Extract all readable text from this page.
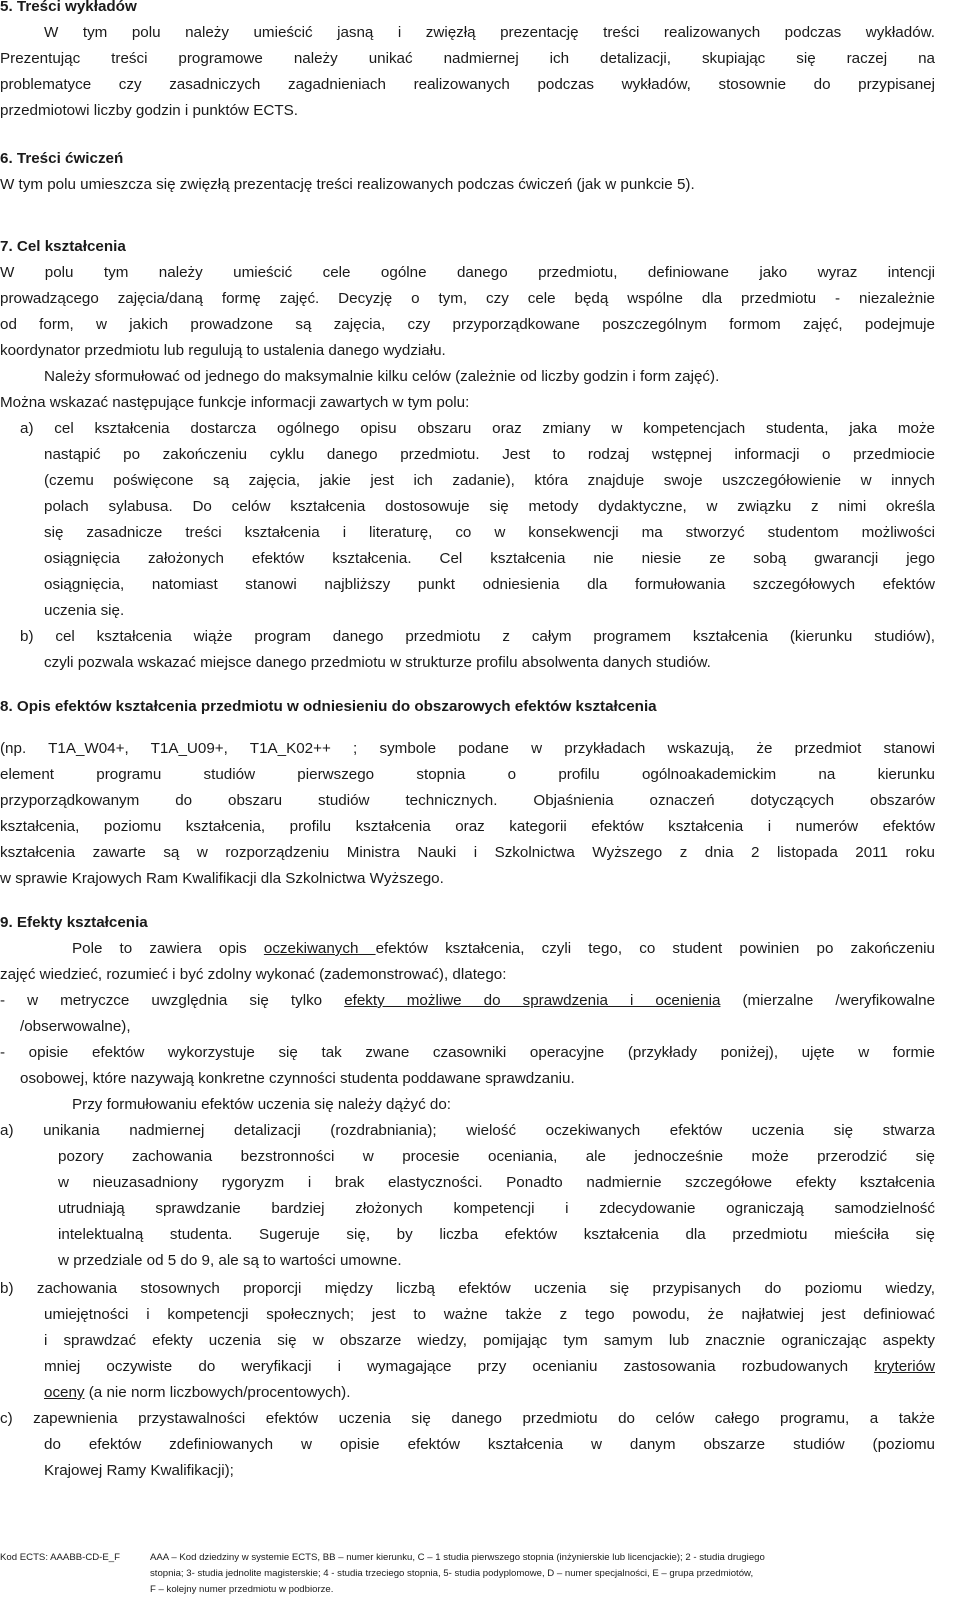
5. Treści wykładów
W tym polu należy umieścić jasną i zwięzłą prezentację treści realizowanych podczas wykładów.
Prezentując treści programowe należy unikać nadmiernej ich detalizacji, skupiając się raczej na
problematyce czy zasadniczych zagadnieniach realizowanych podczas wykładów, stosownie do przypisanej
przedmiotowi liczby godzin i punktów ECTS.
6. Treści ćwiczeń
W tym polu umieszcza się zwięzłą prezentację treści realizowanych podczas ćwiczeń (jak w punkcie 5).
7. Cel kształcenia
W polu tym należy umieścić cele ogólne danego przedmiotu, definiowane jako wyraz intencji
prowadzącego zajęcia/daną formę zajęć. Decyzję o tym, czy cele będą wspólne dla przedmiotu - niezależnie
od form, w jakich prowadzone są zajęcia, czy przyporządkowane poszczególnym formom zajęć, podejmuje
koordynator przedmiotu lub regulują to ustalenia danego wydziału.
Należy sformułować od jednego do maksymalnie kilku celów (zależnie od liczby godzin i form zajęć).
Można wskazać następujące funkcje informacji zawartych w tym polu:
a) cel kształcenia dostarcza ogólnego opisu obszaru oraz zmiany w kompetencjach studenta, jaka może
nastąpić po zakończeniu cyklu danego przedmiotu. Jest to rodzaj wstępnej informacji o przedmiocie
(czemu poświęcone są zajęcia, jakie jest ich zadanie), która znajduje swoje uszczegółowienie w innych
polach sylabusa. Do celów kształcenia dostosowuje się metody dydaktyczne, w związku z nimi określa
się zasadnicze treści kształcenia i literaturę, co w konsekwencji ma stworzyć studentom możliwości
osiągnięcia założonych efektów kształcenia. Cel kształcenia nie niesie ze sobą gwarancji jego
osiągnięcia, natomiast stanowi najbliższy punkt odniesienia dla formułowania szczegółowych efektów
uczenia się.
b) cel kształcenia wiąże program danego przedmiotu z całym programem kształcenia (kierunku studiów),
czyli pozwala wskazać miejsce danego przedmiotu w strukturze profilu absolwenta danych studiów.
8. Opis efektów kształcenia przedmiotu w odniesieniu do obszarowych efektów kształcenia
(np. T1A_W04+, T1A_U09+, T1A_K02++ ; symbole podane w przykładach wskazują, że przedmiot stanowi
element programu studiów pierwszego stopnia o profilu ogólnoakademickim na kierunku
przyporządkowanym do obszaru studiów technicznych. Objaśnienia oznaczeń dotyczących obszarów
kształcenia, poziomu kształcenia, profilu kształcenia oraz kategorii efektów kształcenia i numerów efektów
kształcenia zawarte są w rozporządzeniu Ministra Nauki i Szkolnictwa Wyższego z dnia 2 listopada 2011 roku
w sprawie Krajowych Ram Kwalifikacji dla Szkolnictwa Wyższego.
9. Efekty kształcenia
Pole to zawiera opis oczekiwanych efektów kształcenia, czyli tego, co student powinien po zakończeniu
zajęć wiedzieć, rozumieć i być zdolny wykonać (zademonstrować), dlatego:
- w metryczce uwzględnia się tylko efekty możliwe do sprawdzenia i ocenienia (mierzalne /weryfikowalne
/obserwowalne),
- opisie efektów wykorzystuje się tak zwane czasowniki operacyjne (przykłady poniżej), ujęte w formie
osobowej, które nazywają konkretne czynności studenta poddawane sprawdzaniu.
Przy formułowaniu efektów uczenia się należy dążyć do:
a) unikania nadmiernej detalizacji (rozdrabniania); wielość oczekiwanych efektów uczenia się stwarza
pozory zachowania bezstronności w procesie oceniania, ale jednocześnie może przerodzić się
w nieuzasadniony rygoryzm i brak elastyczności. Ponadto nadmiernie szczegółowe efekty kształcenia
utrudniają sprawdzanie bardziej złożonych kompetencji i zdecydowanie ograniczają samodzielność
intelektualną studenta. Sugeruje się, by liczba efektów kształcenia dla przedmiotu mieściła się
w przedziale od 5 do 9, ale są to wartości umowne.
b) zachowania stosownych proporcji między liczbą efektów uczenia się przypisanych do poziomu wiedzy,
umiejętności i kompetencji społecznych; jest to ważne także z tego powodu, że najłatwiej jest definiować
i sprawdzać efekty uczenia się w obszarze wiedzy, pomijając tym samym lub znacznie ograniczając aspekty
mniej oczywiste do weryfikacji i wymagające przy ocenianiu zastosowania rozbudowanych kryteriów
oceny (a nie norm liczbowych/procentowych).
c) zapewnienia przystawalności efektów uczenia się danego przedmiotu do celów całego programu, a także
do efektów zdefiniowanych w opisie efektów kształcenia w danym obszarze studiów (poziomu
Krajowej Ramy Kwalifikacji);
Kod ECTS: AAABB-CD-E_F	AAA – Kod dziedziny w systemie ECTS, BB – numer kierunku, C – 1 studia pierwszego stopnia (inżynierskie lub licencjackie); 2 - studia drugiego
stopnia; 3- studia jednolite magisterskie; 4 - studia trzeciego stopnia, 5- studia podyplomowe, D – numer specjalności, E – grupa przedmiotów,
F – kolejny numer przedmiotu w podbiorze.
